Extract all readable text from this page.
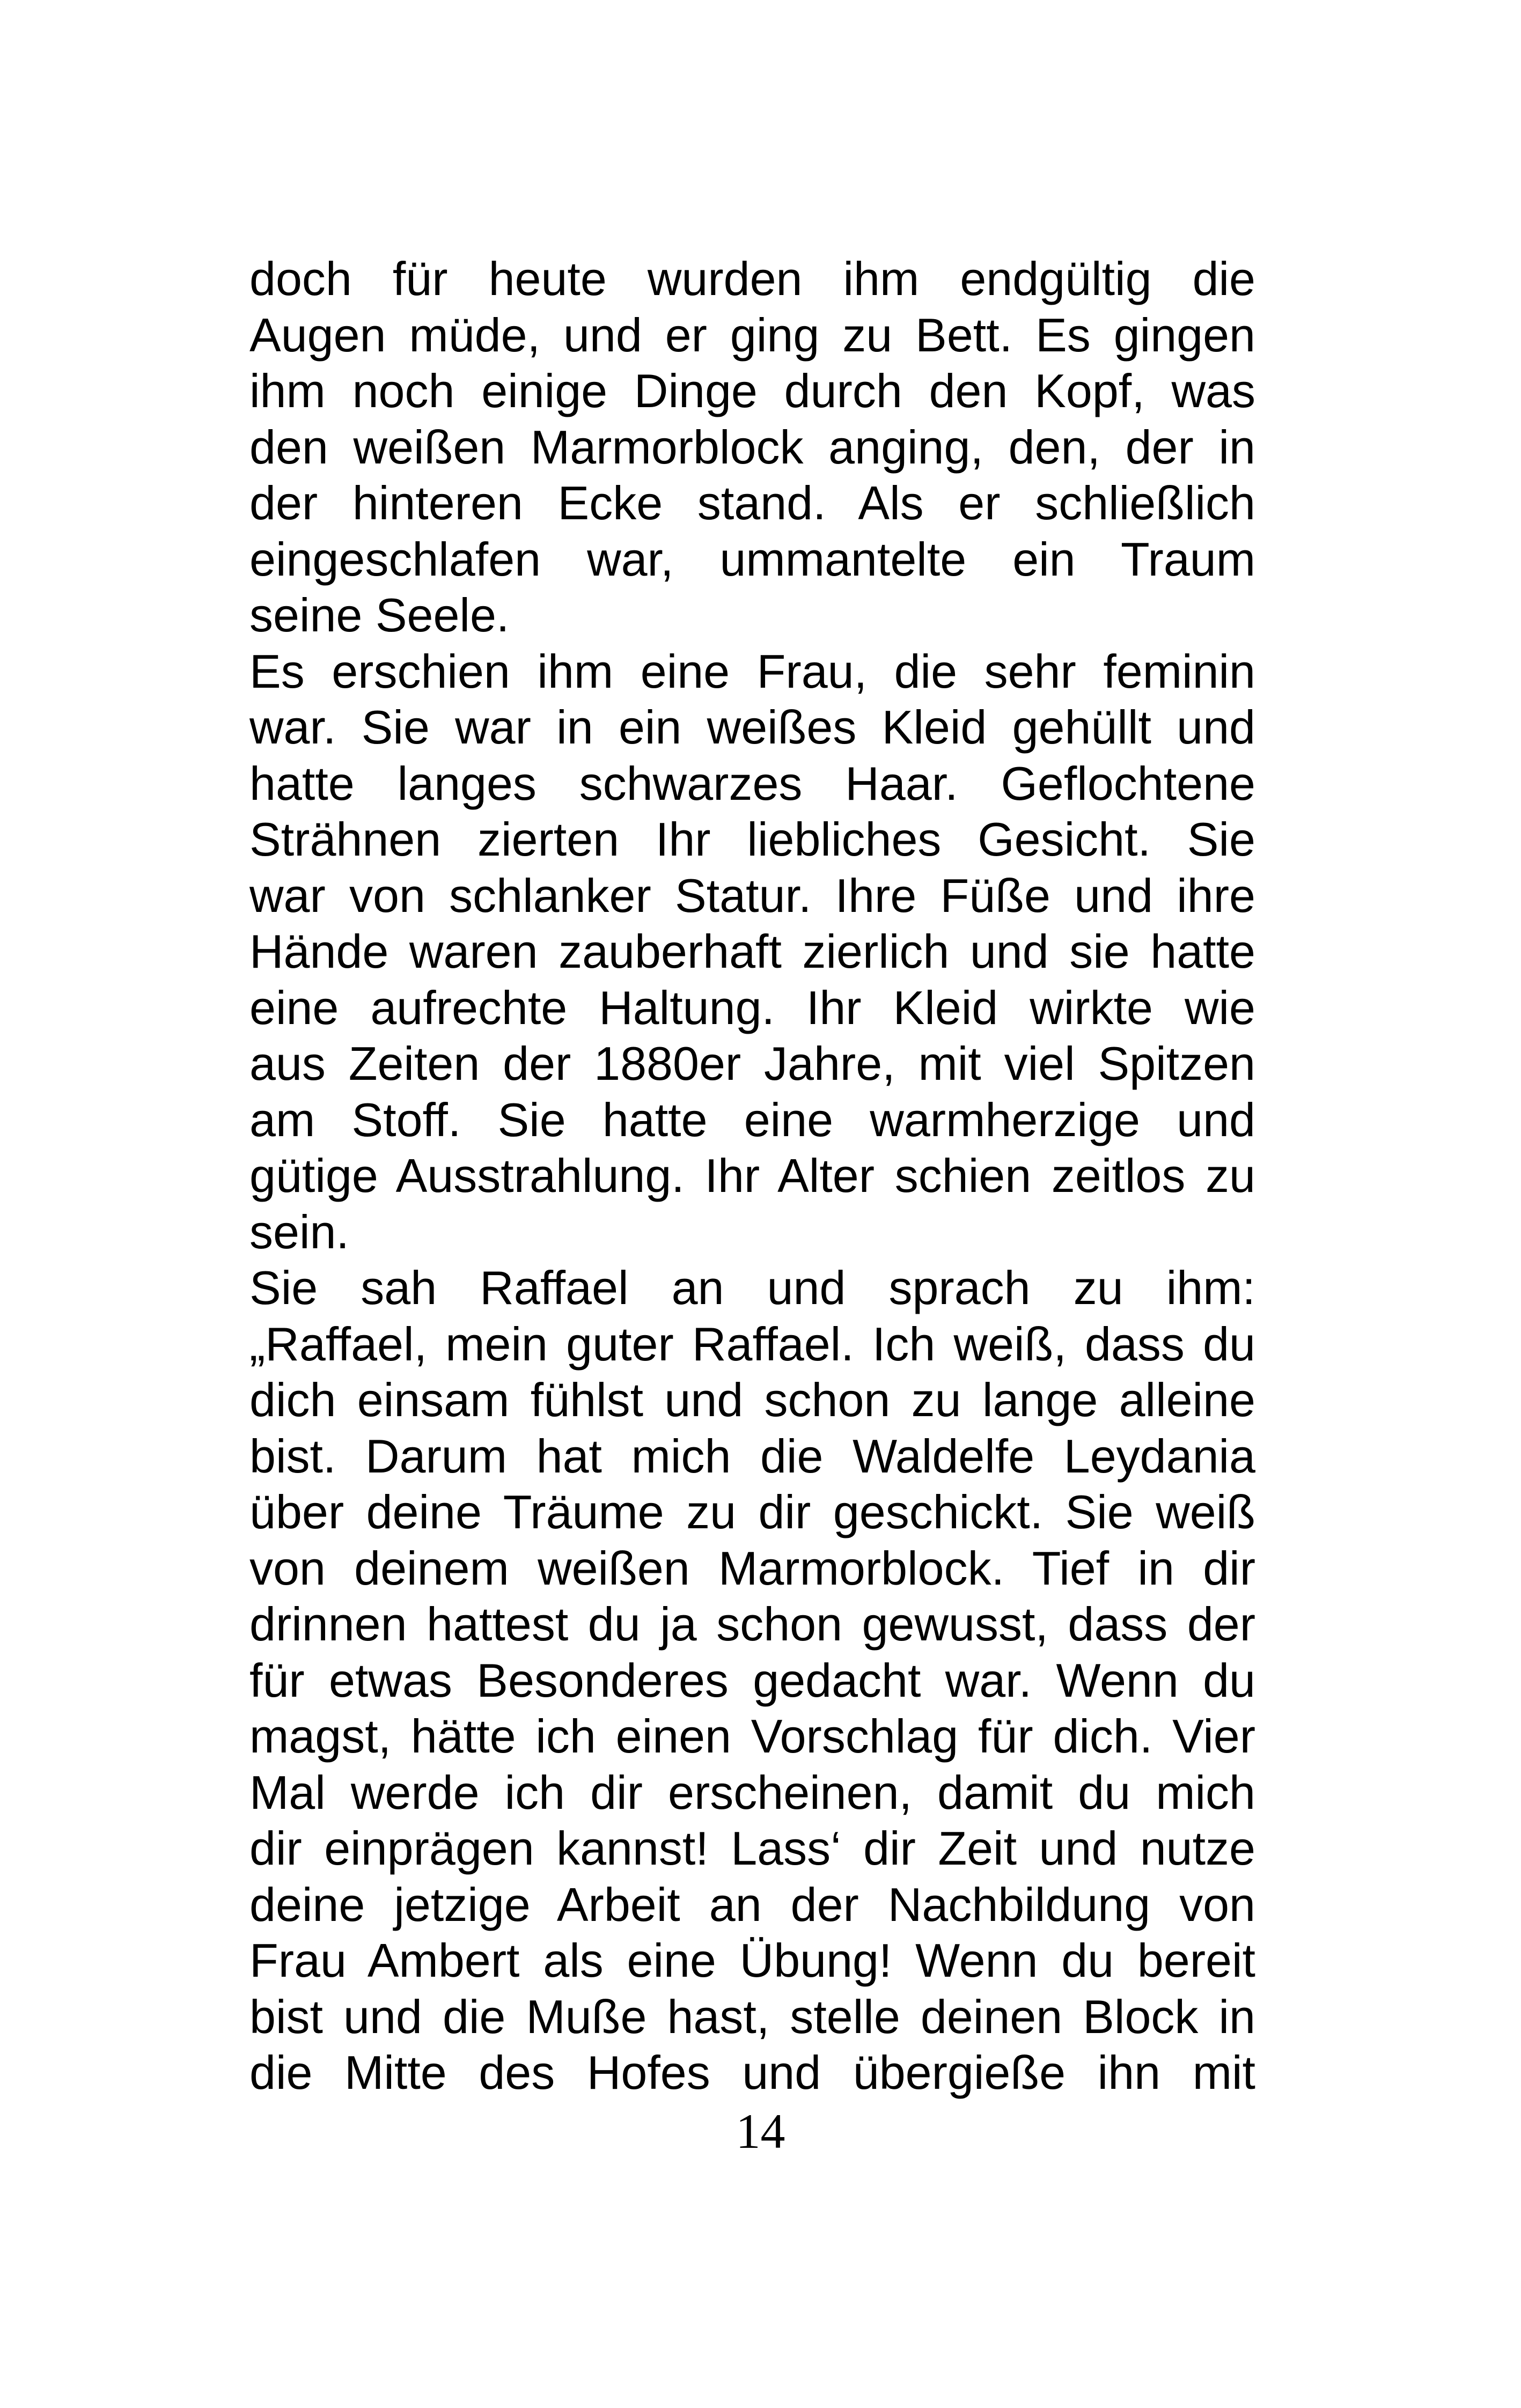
doch für heute wurden ihm endgültig die
Augen müde, und er ging zu Bett. Es gingen
ihm noch einige Dinge durch den Kopf, was
den weißen Marmorblock anging, den, der in
der hinteren Ecke stand. Als er schließlich
eingeschlafen war, ummantelte ein Traum
seine Seele.
Es erschien ihm eine Frau, die sehr feminin
war. Sie war in ein weißes Kleid gehüllt und
hatte langes schwarzes Haar. Geflochtene
Strähnen zierten Ihr liebliches Gesicht. Sie
war von schlanker Statur. Ihre Füße und ihre
Hände waren zauberhaft zierlich und sie hatte
eine aufrechte Haltung. Ihr Kleid wirkte wie
aus Zeiten der 1880er Jahre, mit viel Spitzen
am Stoff. Sie hatte eine warmherzige und
gütige Ausstrahlung. Ihr Alter schien zeitlos zu
sein.
Sie sah Raffael an und sprach zu ihm:
„Raffael, mein guter Raffael. Ich weiß, dass du
dich einsam fühlst und schon zu lange alleine
bist. Darum hat mich die Waldelfe Leydania
über deine Träume zu dir geschickt. Sie weiß
von deinem weißen Marmorblock. Tief in dir
drinnen hattest du ja schon gewusst, dass der
für etwas Besonderes gedacht war. Wenn du
magst, hätte ich einen Vorschlag für dich. Vier
Mal werde ich dir erscheinen, damit du mich
dir einprägen kannst! Lass‘ dir Zeit und nutze
deine jetzige Arbeit an der Nachbildung von
Frau Ambert als eine Übung! Wenn du bereit
bist und die Muße hast, stelle deinen Block in
die Mitte des Hofes und übergieße ihn mit
14
